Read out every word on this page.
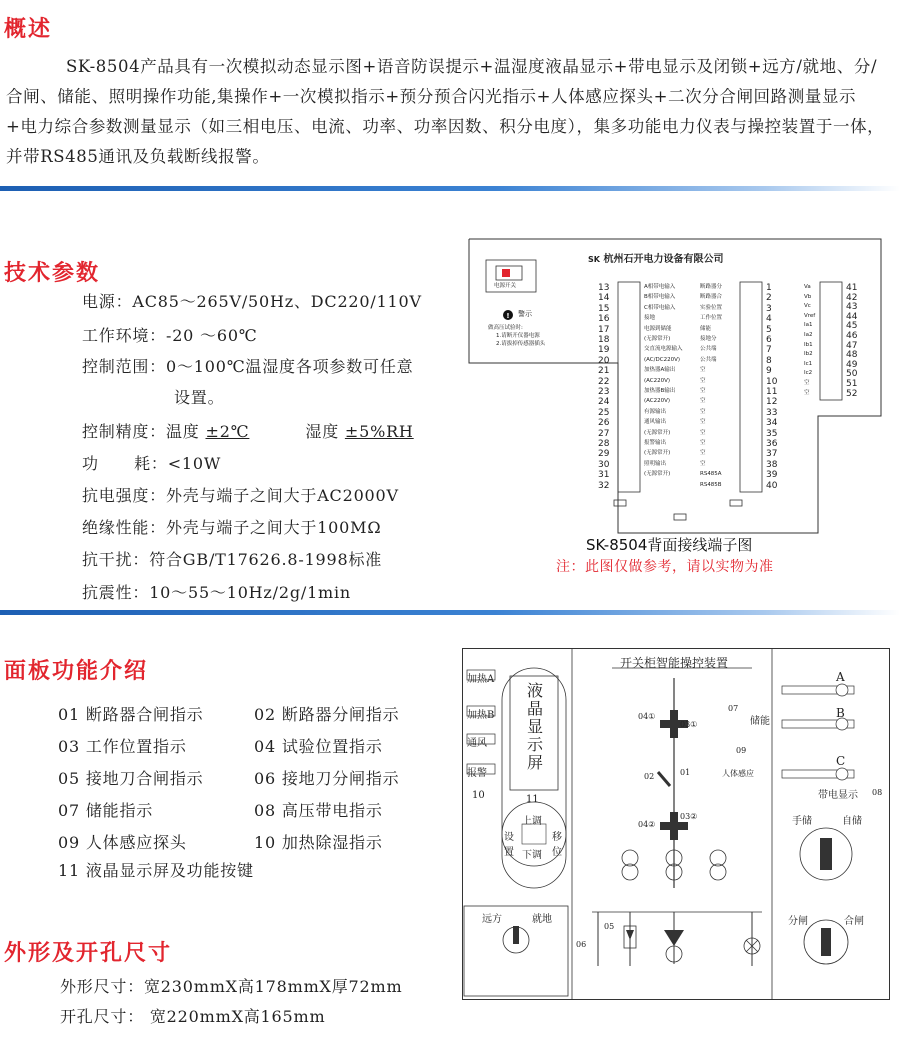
概述

SK-8504产品具有一次模拟动态显示图+语音防误提示+温湿度液晶显示+带电显示及闭锁+远方/就地、分/合闸、储能、照明操作功能,集操作+一次模拟指示+预分预合闪光指示+人体感应探头+二次分合闸回路测量显示+电力综合参数测量显示（如三相电压、电流、功率、功率因数、积分电度），集多功能电力仪表与操控装置于一体，并带RS485通讯及负载断线报警。

技术参数
电源：AC85～265V/50Hz、DC220/110V
工作环境：-20 ～60℃
控制范围：0～100℃温湿度各项参数可任意
设置。
控制精度：温度 ±2℃	湿度 ±5%RH
功      耗：<10W
抗电强度：外壳与端子之间大于AC2000V
绝缘性能：外壳与端子之间大于100MΩ
抗干扰：符合GB/T17626.8-1998标准
抗震性：10～55～10Hz/2g/1min
!
SK 杭州石开电力设备有限公司
电源开关
警示
做高压试验时:
1.请断开仪器电源
2.请拔掉传感器插头
13	A相带电输入
14	B相带电输入
15	C相带电输入
16	接地
17	电源到储能
18	(无源常开)
19	交直流电源输入
20	(AC/DC220V)
21	加热器A输出
22	(AC220V)
23	加热器B输出
24	(AC220V)
25	有源输出
26	通风输出
27	(无源常开)
28	报警输出
29	(无源常开)
30	照明输出
31	(无源常开)
32
断路器分	1
断路器合	2
实验位置	3
工作位置	4
储能	5
接地分	6
公共端	7
公共端	8
空	9
空	10
空	11
空	12
空	33
空	34
空	35
空	36
空	37
空	38
RS485A	39
RS485B	40
Va	41
Vb	42
Vc	43
Vref	44
Ia1	45
Ia2	46
Ib1	47
Ib2	48
Ic1	49
Ic2	50
空	51
空	52
SK-8504背面接线端子图
注：此图仅做参考，请以实物为准
面板功能介绍
01 断路器合闸指示	02 断路器分闸指示
03 工作位置指示	04 试验位置指示
05 接地刀合闸指示	06 接地刀分闸指示
07 储能指示	08 高压带电指示
09 人体感应探头	10 加热除湿指示
11 液晶显示屏及功能按键
加热A
加热B
通风
报警
10
液晶显示屏
11
上调
下调
设置
移位
远方	就地
开关柜智能操控装置
04①
03①
07
储能
09
人体感应
02	01
04②
03②
06
05
A
B
C
带电显示 08
手储	自储
分闸	合闸
外形及开孔尺寸
外形尺寸：宽230mmX高178mmX厚72mm
开孔尺寸： 宽220mmX高165mm
